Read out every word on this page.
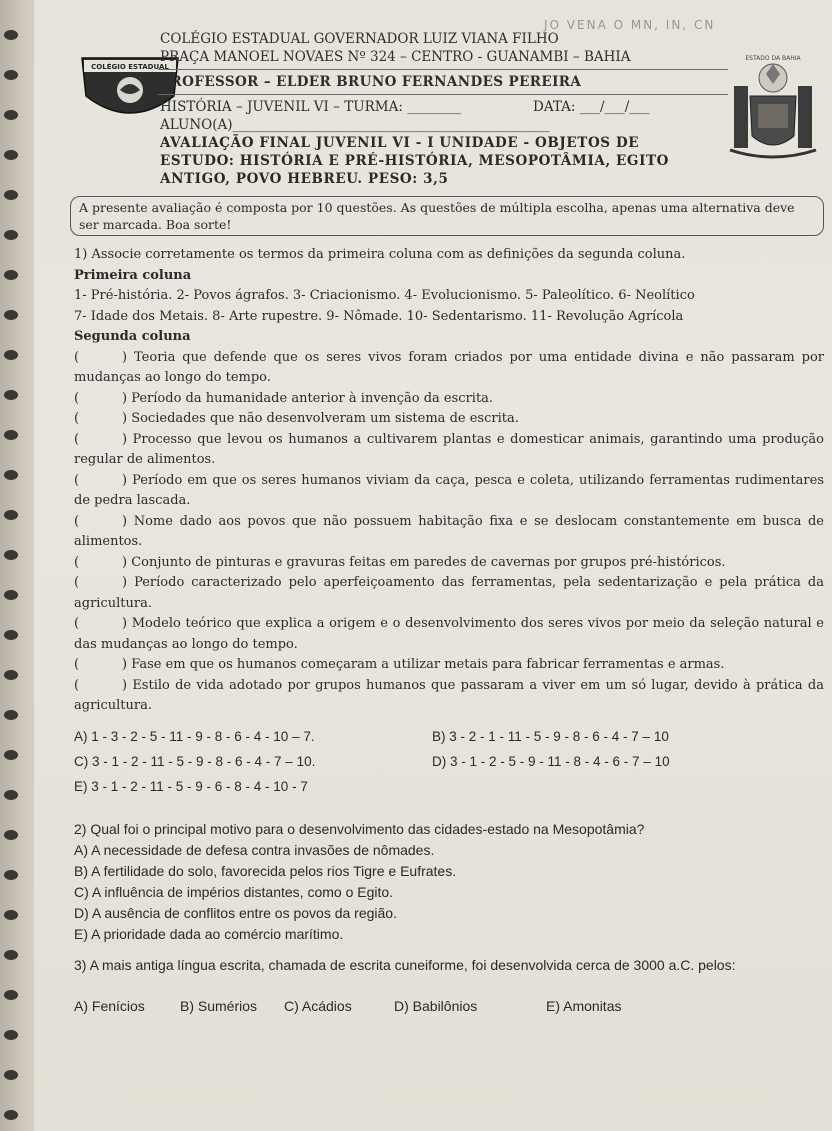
JO VENA O MN, IN, CN
COLÉGIO ESTADUAL
ESTADO DA BAHIA
COLÉGIO ESTADUAL GOVERNADOR LUIZ VIANA FILHO
PRAÇA MANOEL NOVAES Nº 324 – CENTRO - GUANAMBI – BAHIA
PROFESSOR – ELDER BRUNO FERNANDES PEREIRA
HISTÓRIA – JUVENIL VI – TURMA: ________	DATA: ___/___/___
ALUNO(A)_______________________________________________
AVALIAÇÃO FINAL JUVENIL VI - I UNIDADE - OBJETOS DE
ESTUDO: HISTÓRIA E PRÉ-HISTÓRIA, MESOPOTÂMIA, EGITO
ANTIGO, POVO HEBREU. PESO: 3,5
A presente avaliação é composta por 10 questões. As questões de múltipla escolha, apenas uma alternativa deve ser marcada. Boa sorte!

1) Associe corretamente os termos da primeira coluna com as definições da segunda coluna.

Primeira coluna

1- Pré-história. 2- Povos ágrafos. 3- Criacionismo. 4- Evolucionismo. 5- Paleolítico. 6- Neolítico

7- Idade dos Metais. 8- Arte rupestre. 9- Nômade. 10- Sedentarismo. 11- Revolução Agrícola

Segunda coluna

(	) Teoria que defende que os seres vivos foram criados por uma entidade divina e não passaram por mudanças ao longo do tempo.

(	) Período da humanidade anterior à invenção da escrita.

(	) Sociedades que não desenvolveram um sistema de escrita.

(	) Processo que levou os humanos a cultivarem plantas e domesticar animais, garantindo uma produção regular de alimentos.

(	) Período em que os seres humanos viviam da caça, pesca e coleta, utilizando ferramentas rudimentares de pedra lascada.

(	) Nome dado aos povos que não possuem habitação fixa e se deslocam constantemente em busca de alimentos.

(	) Conjunto de pinturas e gravuras feitas em paredes de cavernas por grupos pré-históricos.

(	) Período caracterizado pelo aperfeiçoamento das ferramentas, pela sedentarização e pela prática da agricultura.

(	) Modelo teórico que explica a origem e o desenvolvimento dos seres vivos por meio da seleção natural e das mudanças ao longo do tempo.

(	) Fase em que os humanos começaram a utilizar metais para fabricar ferramentas e armas.

(	) Estilo de vida adotado por grupos humanos que passaram a viver em um só lugar, devido à prática da agricultura.

A) 1 - 3 - 2 - 5 - 11 - 9 - 8 - 6 - 4 - 10 – 7.	B) 3 - 2 - 1 - 11 - 5 - 9 - 8 - 6 - 4 - 7 – 10
C) 3 - 1 - 2 - 11 - 5 - 9 - 8 - 6 - 4 - 7 – 10.	D) 3 - 1 - 2 - 5 - 9 - 11 - 8 - 4 - 6 - 7 – 10
E) 3 - 1 - 2 - 11 - 5 - 9 - 6 - 8 - 4 - 10 - 7

2) Qual foi o principal motivo para o desenvolvimento das cidades-estado na Mesopotâmia?

A) A necessidade de defesa contra invasões de nômades.

B) A fertilidade do solo, favorecida pelos rios Tigre e Eufrates.

C) A influência de impérios distantes, como o Egito.

D) A ausência de conflitos entre os povos da região.

E) A prioridade dada ao comércio marítimo.

3) A mais antiga língua escrita, chamada de escrita cuneiforme, foi desenvolvida cerca de 3000 a.C. pelos:

A) Fenícios	B) Sumérios C) Acádios	D) Babilônios	E) Amonitas
